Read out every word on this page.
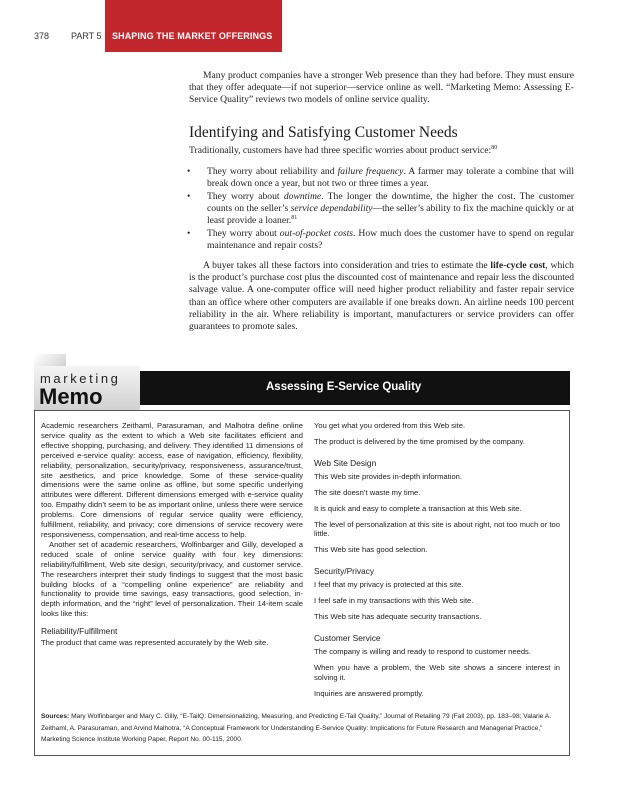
378 PART 5 SHAPING THE MARKET OFFERINGS

Many product companies have a stronger Web presence than they had before. They must ensure that they offer adequate—if not superior—service online as well. “Marketing Memo: Assessing E-Service Quality” reviews two models of online service quality.

Identifying and Satisfying Customer Needs

Traditionally, customers have had three specific worries about product service:$^{80}$

• They worry about reliability and failure frequency. A farmer may tolerate a combine that will break down once a year, but not two or three times a year.
• They worry about downtime. The longer the downtime, the higher the cost. The customer counts on the seller’s service dependability—the seller’s ability to fix the machine quickly or at least provide a loaner.$^{81}$
• They worry about out-of-pocket costs. How much does the customer have to spend on regular maintenance and repair costs?

A buyer takes all these factors into consideration and tries to estimate the life-cycle cost, which is the product’s purchase cost plus the discounted cost of maintenance and repair less the discounted salvage value. A one-computer office will need higher product reliability and faster repair service than an office where other computers are available if one breaks down. An airline needs 100 percent reliability in the air. Where reliability is important, manufacturers or service providers can offer guarantees to promote sales.

marketing
Memo	Assessing E-Service Quality

Academic researchers Zeithaml, Parasuraman, and Malhotra define online service quality as the extent to which a Web site facilitates efficient and effective shopping, purchasing, and delivery. They identified 11 dimensions of perceived e-service quality: access, ease of navigation, efficiency, flexibility, reliability, personalization, security/privacy, responsiveness, assurance/trust, site aesthetics, and price knowledge. Some of these service-quality dimensions were the same online as offline, but some specific underlying attributes were different. Different dimensions emerged with e-service quality too. Empathy didn’t seem to be as important online, unless there were service problems. Core dimensions of regular service quality were efficiency, fulfillment, reliability, and privacy; core dimensions of service recovery were responsiveness, compensation, and real-time access to help.

Another set of academic researchers, Wolfinbarger and Gilly, developed a reduced scale of online service quality with four key dimensions: reliability/fulfillment, Web site design, security/privacy, and customer service. The researchers interpret their study findings to suggest that the most basic building blocks of a “compelling online experience” are reliability and functionality to provide time savings, easy transactions, good selection, in-depth information, and the “right” level of personalization. Their 14-item scale looks like this:

Reliability/Fulfillment

The product that came was represented accurately by the Web site.

You get what you ordered from this Web site.

The product is delivered by the time promised by the company.

Web Site Design

This Web site provides in-depth information.

The site doesn’t waste my time.

It is quick and easy to complete a transaction at this Web site.

The level of personalization at this site is about right, not too much or too little.

This Web site has good selection.

Security/Privacy

I feel that my privacy is protected at this site.

I feel safe in my transactions with this Web site.

This Web site has adequate security transactions.

Customer Service

The company is willing and ready to respond to customer needs.

When you have a problem, the Web site shows a sincere interest in solving it.

Inquiries are answered promptly.

Sources: Mary Wolfinbarger and Mary C. Gilly, “E-TailQ: Dimensionalizing, Measuring, and Predicting E-Tail Quality,” Journal of Retailing 79 (Fall 2003), pp. 183–98; Valarie A. Zeithaml, A. Parasuraman, and Arvind Malhotra, “A Conceptual Framework for Understanding E-Service Quality: Implications for Future Research and Managerial Practice,” Marketing Science Institute Working Paper, Report No. 00-115, 2000.
